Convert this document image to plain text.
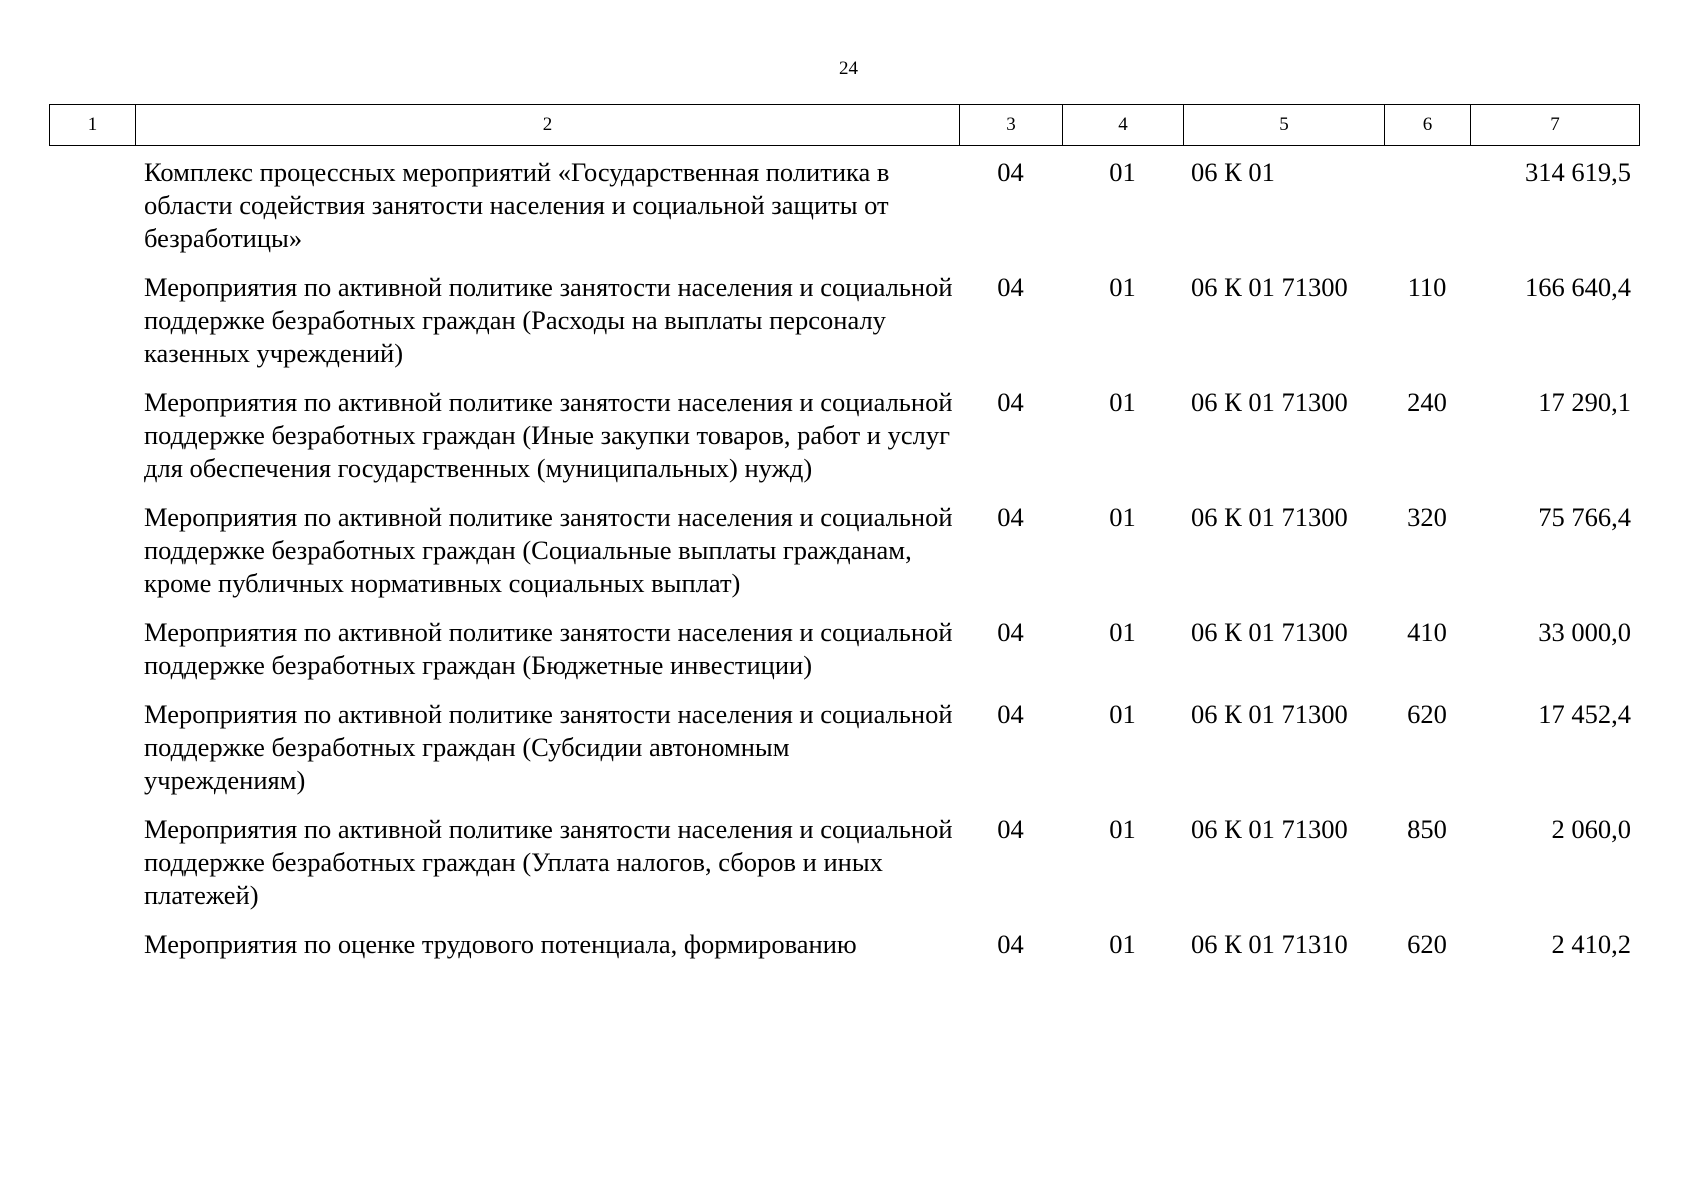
24
1	2	3	4	5	6	7
	Комплекс процессных мероприятий «Государственная политика в области содействия занятости населения и социальной защиты от безработицы»	04	01	06 К 01		314 619,5
	Мероприятия по активной политике занятости населения и социальной поддержке безработных граждан (Расходы на выплаты персоналу казенных учреждений)	04	01	06 К 01 71300	110	166 640,4
	Мероприятия по активной политике занятости населения и социальной поддержке безработных граждан (Иные закупки товаров, работ и услуг для обеспечения государственных (муниципальных) нужд)	04	01	06 К 01 71300	240	17 290,1
	Мероприятия по активной политике занятости населения и социальной поддержке безработных граждан (Социальные выплаты гражданам, кроме публичных нормативных социальных выплат)	04	01	06 К 01 71300	320	75 766,4
	Мероприятия по активной политике занятости населения и социальной поддержке безработных граждан (Бюджетные инвестиции)	04	01	06 К 01 71300	410	33 000,0
	Мероприятия по активной политике занятости населения и социальной поддержке безработных граждан (Субсидии автономным учреждениям)	04	01	06 К 01 71300	620	17 452,4
	Мероприятия по активной политике занятости населения и социальной поддержке безработных граждан (Уплата налогов, сборов и иных платежей)	04	01	06 К 01 71300	850	2 060,0
	Мероприятия по оценке трудового потенциала, формированию	04	01	06 К 01 71310	620	2 410,2
